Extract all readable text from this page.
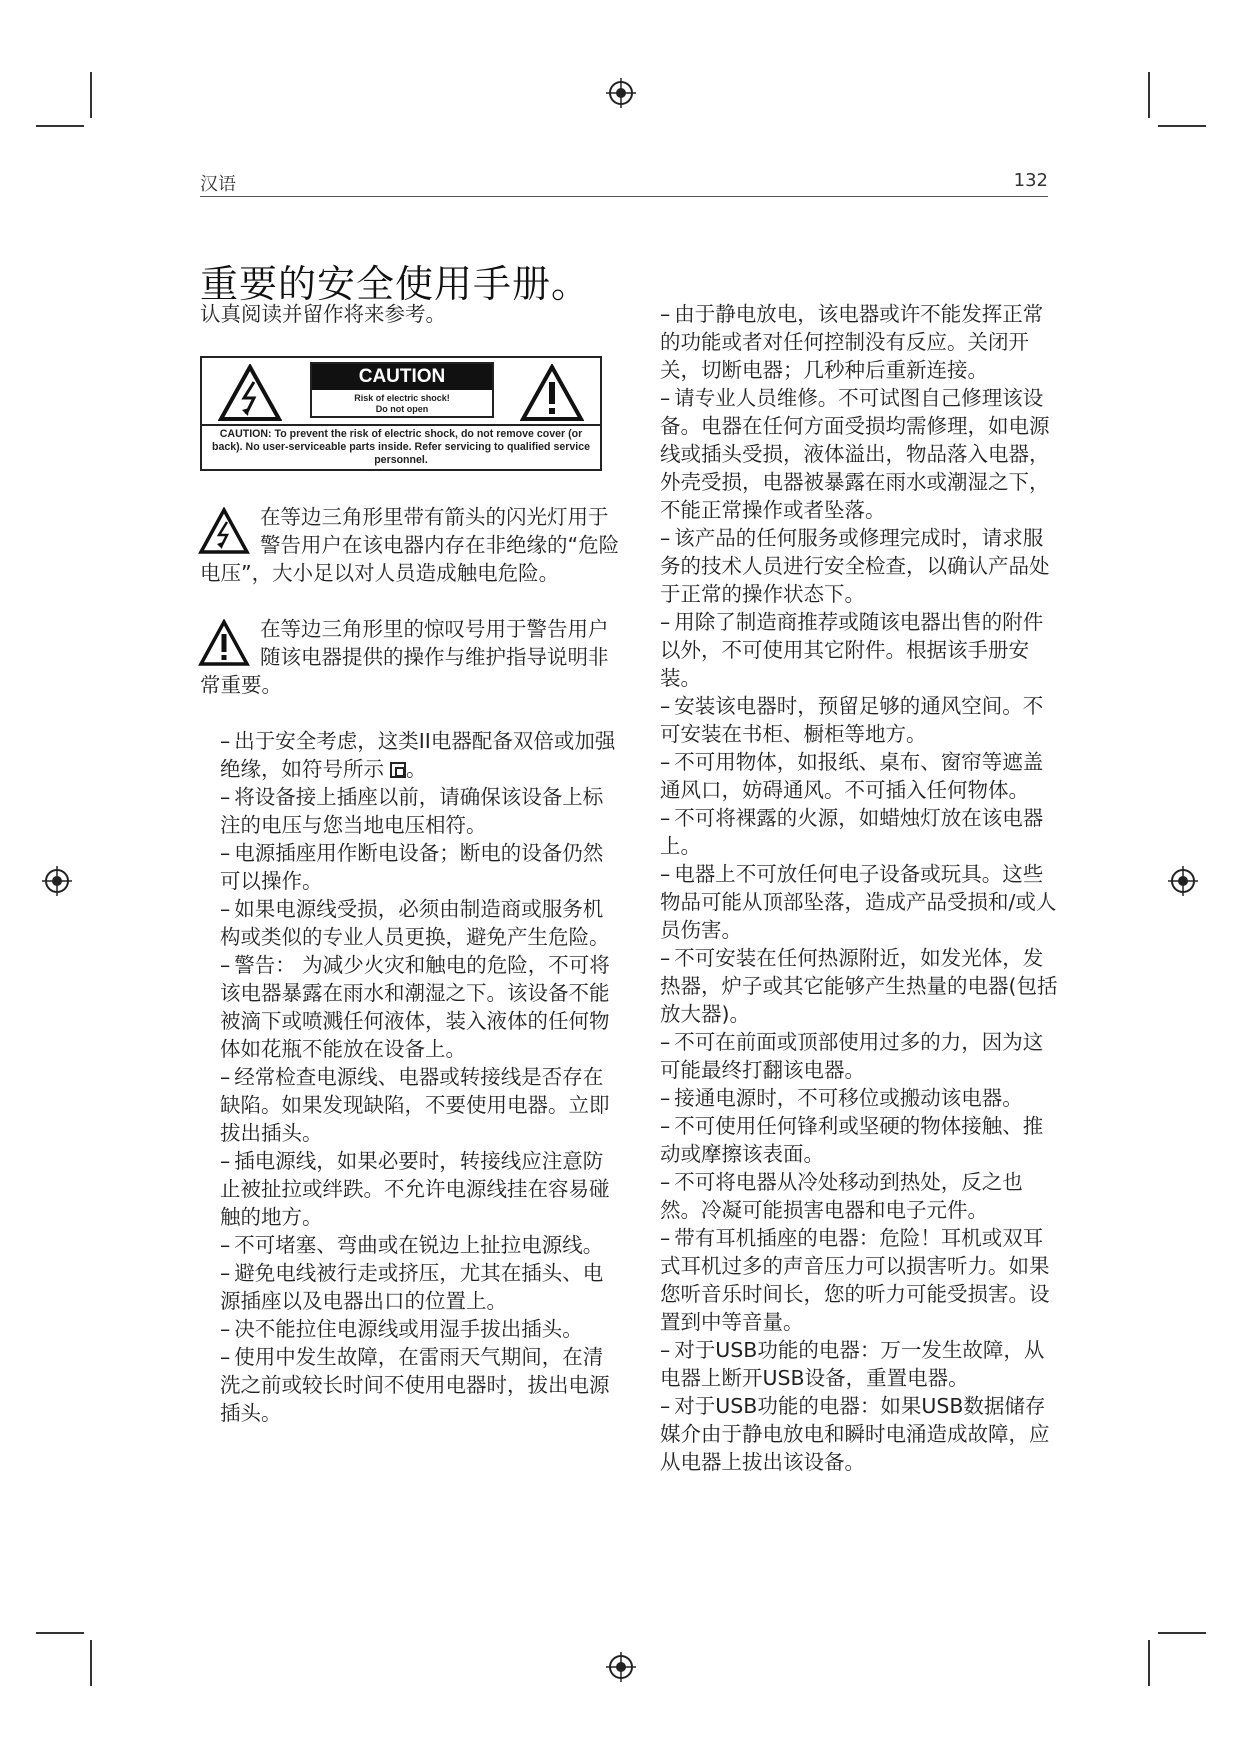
汉语	132
重要的安全使用手册。

认真阅读并留作将来参考。

CAUTION
Risk of electric shock!
Do not open
CAUTION: To prevent the risk of electric shock, do not remove cover (or back). No user-serviceable parts inside. Refer servicing to qualified service personnel.
在等边三角形里带有箭头的闪光灯用于警告用户在该电器内存在非绝缘的“危险电压”，大小足以对人员造成触电危险。
在等边三角形里的惊叹号用于警告用户随该电器提供的操作与维护指导说明非常重要。

– 出于安全考虑，这类II电器配备双倍或加强绝缘，如符号所示 。

– 将设备接上插座以前，请确保该设备上标注的电压与您当地电压相符。

– 电源插座用作断电设备；断电的设备仍然可以操作。

– 如果电源线受损，必须由制造商或服务机构或类似的专业人员更换，避免产生危险。

– 警告： 为减少火灾和触电的危险，不可将该电器暴露在雨水和潮湿之下。该设备不能被滴下或喷溅任何液体，装入液体的任何物体如花瓶不能放在设备上。

– 经常检查电源线、电器或转接线是否存在缺陷。如果发现缺陷，不要使用电器。立即拔出插头。

– 插电源线，如果必要时，转接线应注意防止被扯拉或绊跌。不允许电源线挂在容易碰触的地方。

– 不可堵塞、弯曲或在锐边上扯拉电源线。

– 避免电线被行走或挤压，尤其在插头、电源插座以及电器出口的位置上。

– 决不能拉住电源线或用湿手拔出插头。

– 使用中发生故障，在雷雨天气期间，在清洗之前或较长时间不使用电器时，拔出电源插头。

– 由于静电放电，该电器或许不能发挥正常的功能或者对任何控制没有反应。关闭开关，切断电器；几秒种后重新连接。

– 请专业人员维修。不可试图自己修理该设备。电器在任何方面受损均需修理，如电源线或插头受损，液体溢出，物品落入电器，外壳受损，电器被暴露在雨水或潮湿之下，不能正常操作或者坠落。

– 该产品的任何服务或修理完成时，请求服务的技术人员进行安全检查，以确认产品处于正常的操作状态下。

– 用除了制造商推荐或随该电器出售的附件以外，不可使用其它附件。根据该手册安装。

– 安装该电器时，预留足够的通风空间。不可安装在书柜、橱柜等地方。

– 不可用物体，如报纸、桌布、窗帘等遮盖通风口，妨碍通风。不可插入任何物体。

– 不可将裸露的火源，如蜡烛灯放在该电器上。

– 电器上不可放任何电子设备或玩具。这些物品可能从顶部坠落，造成产品受损和/或人员伤害。

– 不可安装在任何热源附近，如发光体，发热器，炉子或其它能够产生热量的电器(包括放大器)。

– 不可在前面或顶部使用过多的力，因为这可能最终打翻该电器。

– 接通电源时，不可移位或搬动该电器。

– 不可使用任何锋利或坚硬的物体接触、推动或摩擦该表面。

– 不可将电器从冷处移动到热处，反之也然。冷凝可能损害电器和电子元件。

– 带有耳机插座的电器：危险！耳机或双耳式耳机过多的声音压力可以损害听力。如果您听音乐时间长，您的听力可能受损害。设置到中等音量。

– 对于USB功能的电器：万一发生故障，从电器上断开USB设备，重置电器。

– 对于USB功能的电器：如果USB数据储存媒介由于静电放电和瞬时电涌造成故障，应从电器上拔出该设备。
